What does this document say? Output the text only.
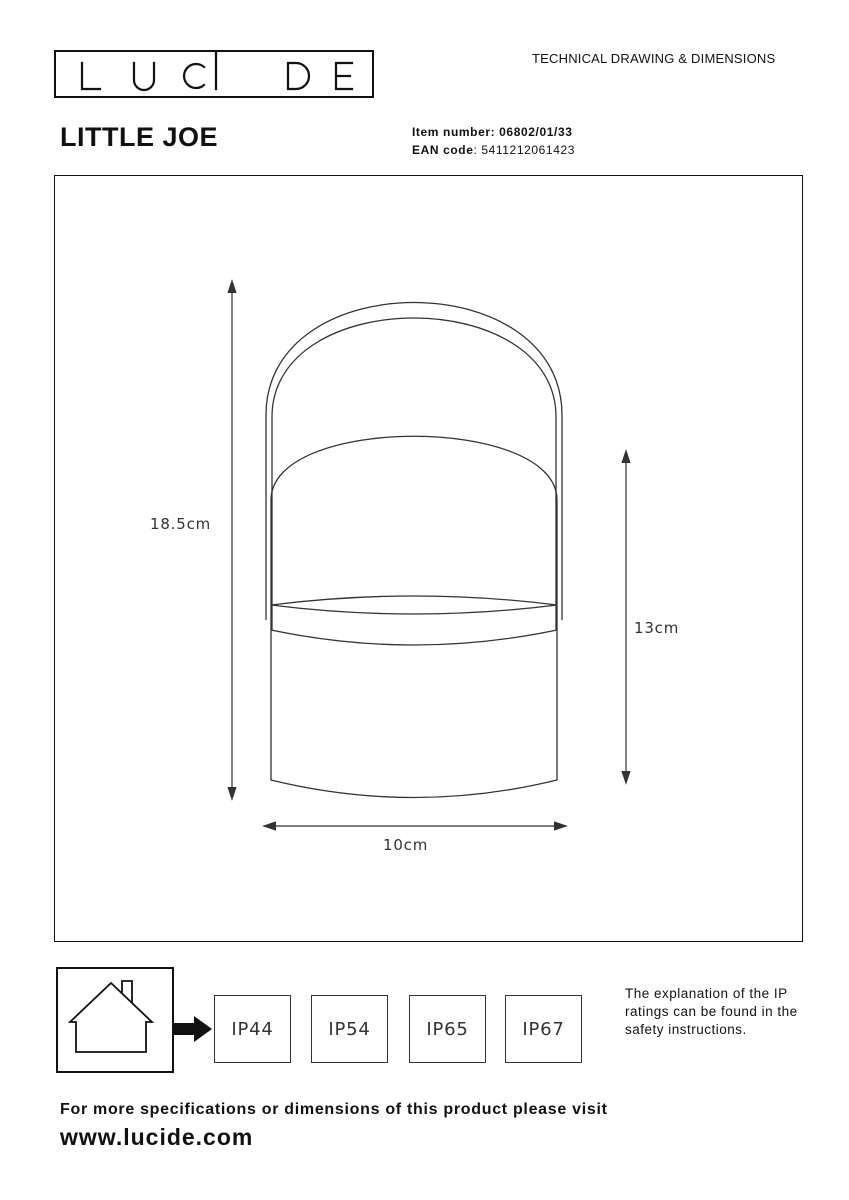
TECHNICAL DRAWING & DIMENSIONS
LITTLE JOE	Item number: 06802/01/33
EAN code: 5411212061423
18.5cm
13cm
10cm
IP44	IP54	IP65	IP67
The explanation of the IP ratings can be found in the safety instructions.
For more specifications or dimensions of this product please visit
www.lucide.com
